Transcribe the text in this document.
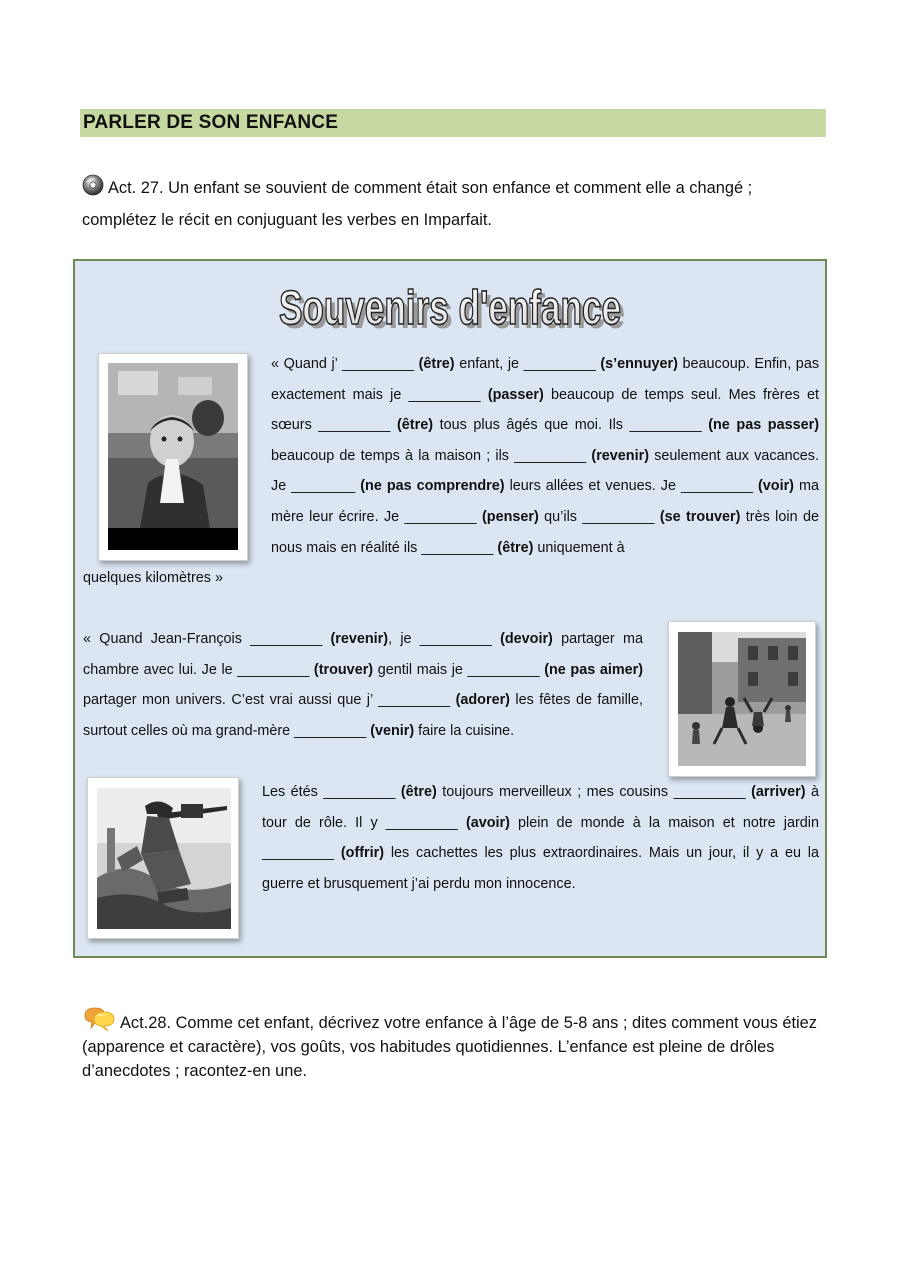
PARLER DE SON ENFANCE
Act. 27. Un enfant se souvient de comment était son enfance et comment elle a changé ; complétez le récit en conjuguant les verbes en Imparfait.
Souvenirs d'enfance
Souvenirs d'enfance
« Quand j’ _________ (être) enfant, je _________ (s’ennuyer) beaucoup. Enfin, pas exactement mais je _________ (passer) beaucoup de temps seul. Mes frères et sœurs _________ (être) tous plus âgés que moi. Ils _________ (ne pas passer) beaucoup de temps à la maison ; ils _________ (revenir) seulement aux vacances. Je ________ (ne pas comprendre) leurs allées et venues. Je _________ (voir) ma mère leur écrire. Je _________ (penser) qu’ils _________ (se trouver) très loin de nous mais en réalité ils _________ (être) uniquement à
quelques kilomètres »
« Quand Jean-François _________ (revenir), je _________ (devoir) partager ma chambre avec lui. Je le _________ (trouver) gentil mais je _________ (ne pas aimer) partager mon univers. C’est vrai aussi que j’ _________ (adorer) les fêtes de famille, surtout celles où ma grand-mère _________ (venir) faire la cuisine.
Les étés _________ (être) toujours merveilleux ; mes cousins _________ (arriver) à tour de rôle. Il y _________ (avoir) plein de monde à la maison et notre jardin _________ (offrir) les cachettes les plus extraordinaires. Mais un jour, il y a eu la guerre et brusquement j’ai perdu mon innocence.
Act.28. Comme cet enfant, décrivez votre enfance à l’âge de 5-8 ans ; dites comment vous étiez (apparence et caractère), vos goûts, vos habitudes quotidiennes. L’enfance est pleine de drôles d’anecdotes ; racontez-en une.
